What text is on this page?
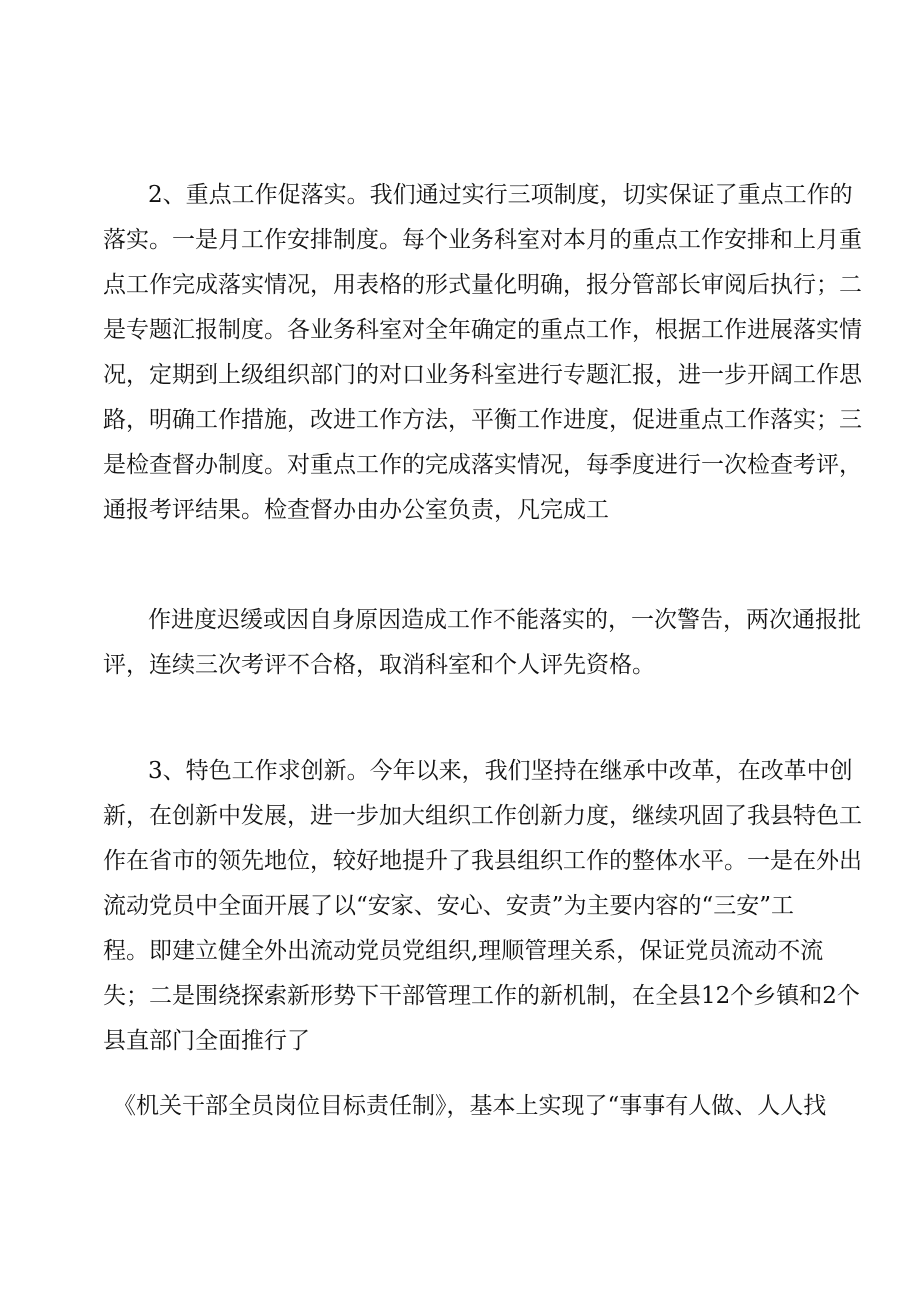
2、重点工作促落实。我们通过实行三项制度，切实保证了重点工作的
落实。一是月工作安排制度。每个业务科室对本月的重点工作安排和上月重
点工作完成落实情况，用表格的形式量化明确，报分管部长审阅后执行；二
是专题汇报制度。各业务科室对全年确定的重点工作，根据工作进展落实情
况，定期到上级组织部门的对口业务科室进行专题汇报，进一步开阔工作思
路，明确工作措施，改进工作方法，平衡工作进度，促进重点工作落实；三
是检查督办制度。对重点工作的完成落实情况，每季度进行一次检查考评，
通报考评结果。检查督办由办公室负责，凡完成工
作进度迟缓或因自身原因造成工作不能落实的，一次警告，两次通报批
评，连续三次考评不合格，取消科室和个人评先资格。
3、特色工作求创新。今年以来，我们坚持在继承中改革，在改革中创
新，在创新中发展，进一步加大组织工作创新力度，继续巩固了我县特色工
作在省市的领先地位，较好地提升了我县组织工作的整体水平。一是在外出
流动党员中全面开展了以“安家、安心、安责”为主要内容的“三安”工
程。即建立健全外出流动党员党组织,理顺管理关系，保证党员流动不流
失；二是围绕探索新形势下干部管理工作的新机制，在全县12个乡镇和2个
县直部门全面推行了
《机关干部全员岗位目标责任制》，基本上实现了“事事有人做、人人找
